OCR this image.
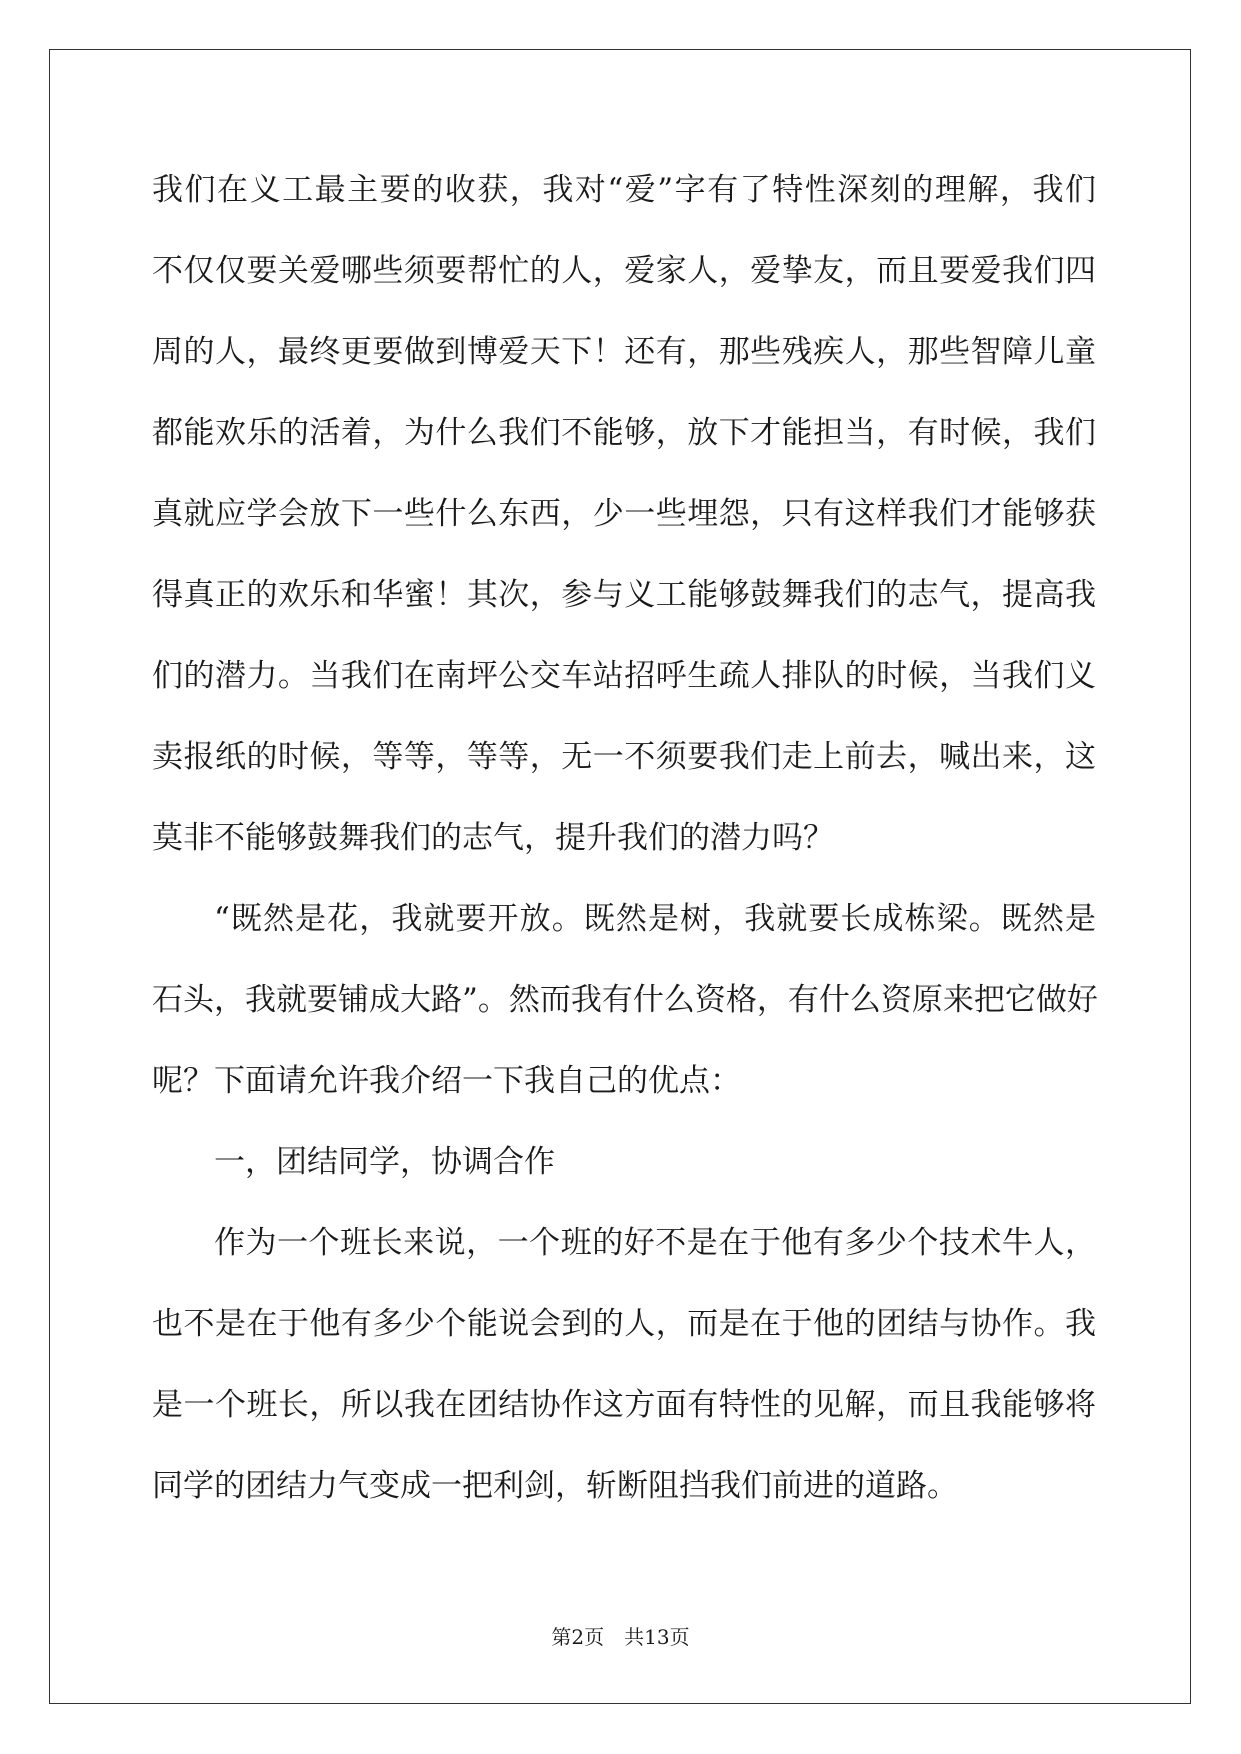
我们在义工最主要的收获，我对“爱”字有了特性深刻的理解，我们
不仅仅要关爱哪些须要帮忙的人，爱家人，爱挚友，而且要爱我们四
周的人，最终更要做到博爱天下！还有，那些残疾人，那些智障儿童
都能欢乐的活着，为什么我们不能够，放下才能担当，有时候，我们
真就应学会放下一些什么东西，少一些埋怨，只有这样我们才能够获
得真正的欢乐和华蜜！其次，参与义工能够鼓舞我们的志气，提高我
们的潜力。当我们在南坪公交车站招呼生疏人排队的时候，当我们义
卖报纸的时候，等等，等等，无一不须要我们走上前去，喊出来，这
莫非不能够鼓舞我们的志气，提升我们的潜力吗？
“既然是花，我就要开放。既然是树，我就要长成栋梁。既然是
石头，我就要铺成大路”。然而我有什么资格，有什么资原来把它做好
呢？下面请允许我介绍一下我自己的优点：
一，团结同学，协调合作
作为一个班长来说，一个班的好不是在于他有多少个技术牛人，
也不是在于他有多少个能说会到的人，而是在于他的团结与协作。我
是一个班长，所以我在团结协作这方面有特性的见解，而且我能够将
同学的团结力气变成一把利剑，斩断阻挡我们前进的道路。
第2页　共13页
